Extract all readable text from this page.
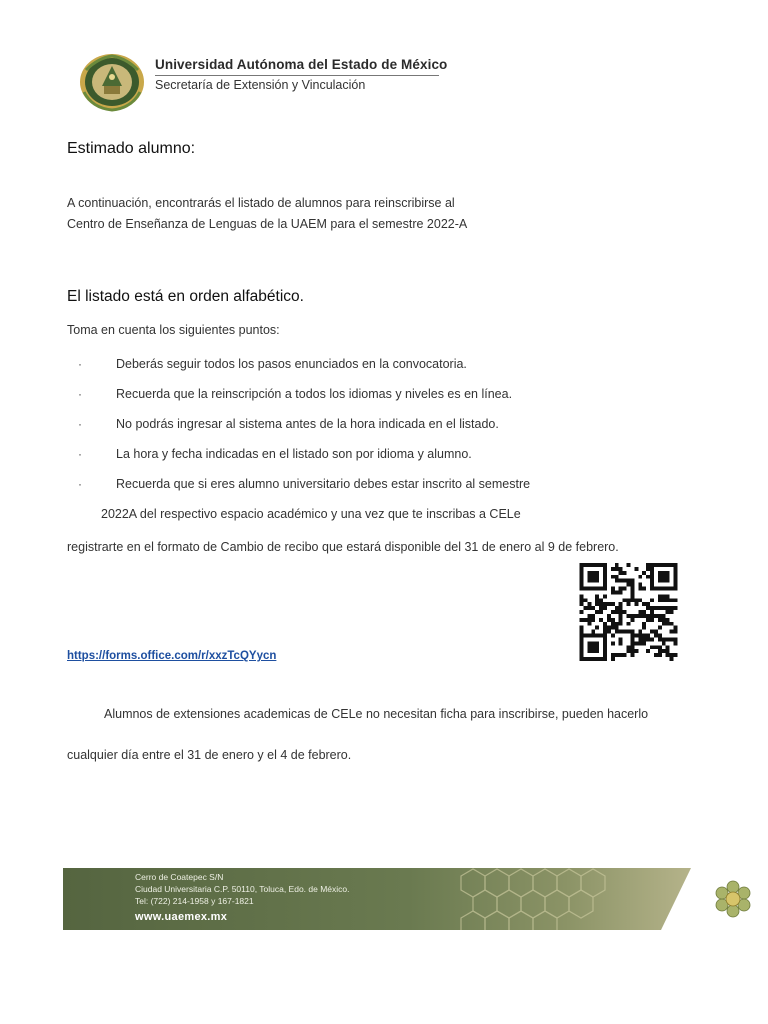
Universidad Autónoma del Estado de México
Secretaría de Extensión y Vinculación
Estimado alumno:

A continuación, encontrarás el listado de alumnos para reinscribirse al

Centro de Enseñanza de Lenguas de la UAEM para el semestre 2022-A

El listado está en orden alfabético.
Toma en cuenta los siguientes puntos:
·	Deberás seguir todos los pasos enunciados en la convocatoria.
·	Recuerda que la reinscripción a todos los idiomas y niveles es en línea.
·	No podrás ingresar al sistema antes de la hora indicada en el listado.
·	La hora y fecha indicadas en el listado son por idioma y alumno.
·	Recuerda que si eres alumno universitario debes estar inscrito al semestre
2022A del respectivo espacio académico y una vez que te inscribas a CELe
registrarte en el formato de Cambio de recibo que estará disponible del 31 de enero al 9 de febrero.
https://forms.office.com/r/xxzTcQYycn
Alumnos de extensiones academicas de CELe no necesitan ficha para inscribirse, pueden hacerlo
cualquier día entre el 31 de enero y el 4 de febrero.
Cerro de Coatepec S/N
Ciudad Universitaria C.P. 50110, Toluca, Edo. de México.
Tel: (722) 214-1958 y 167-1821
www.uaemex.mx
